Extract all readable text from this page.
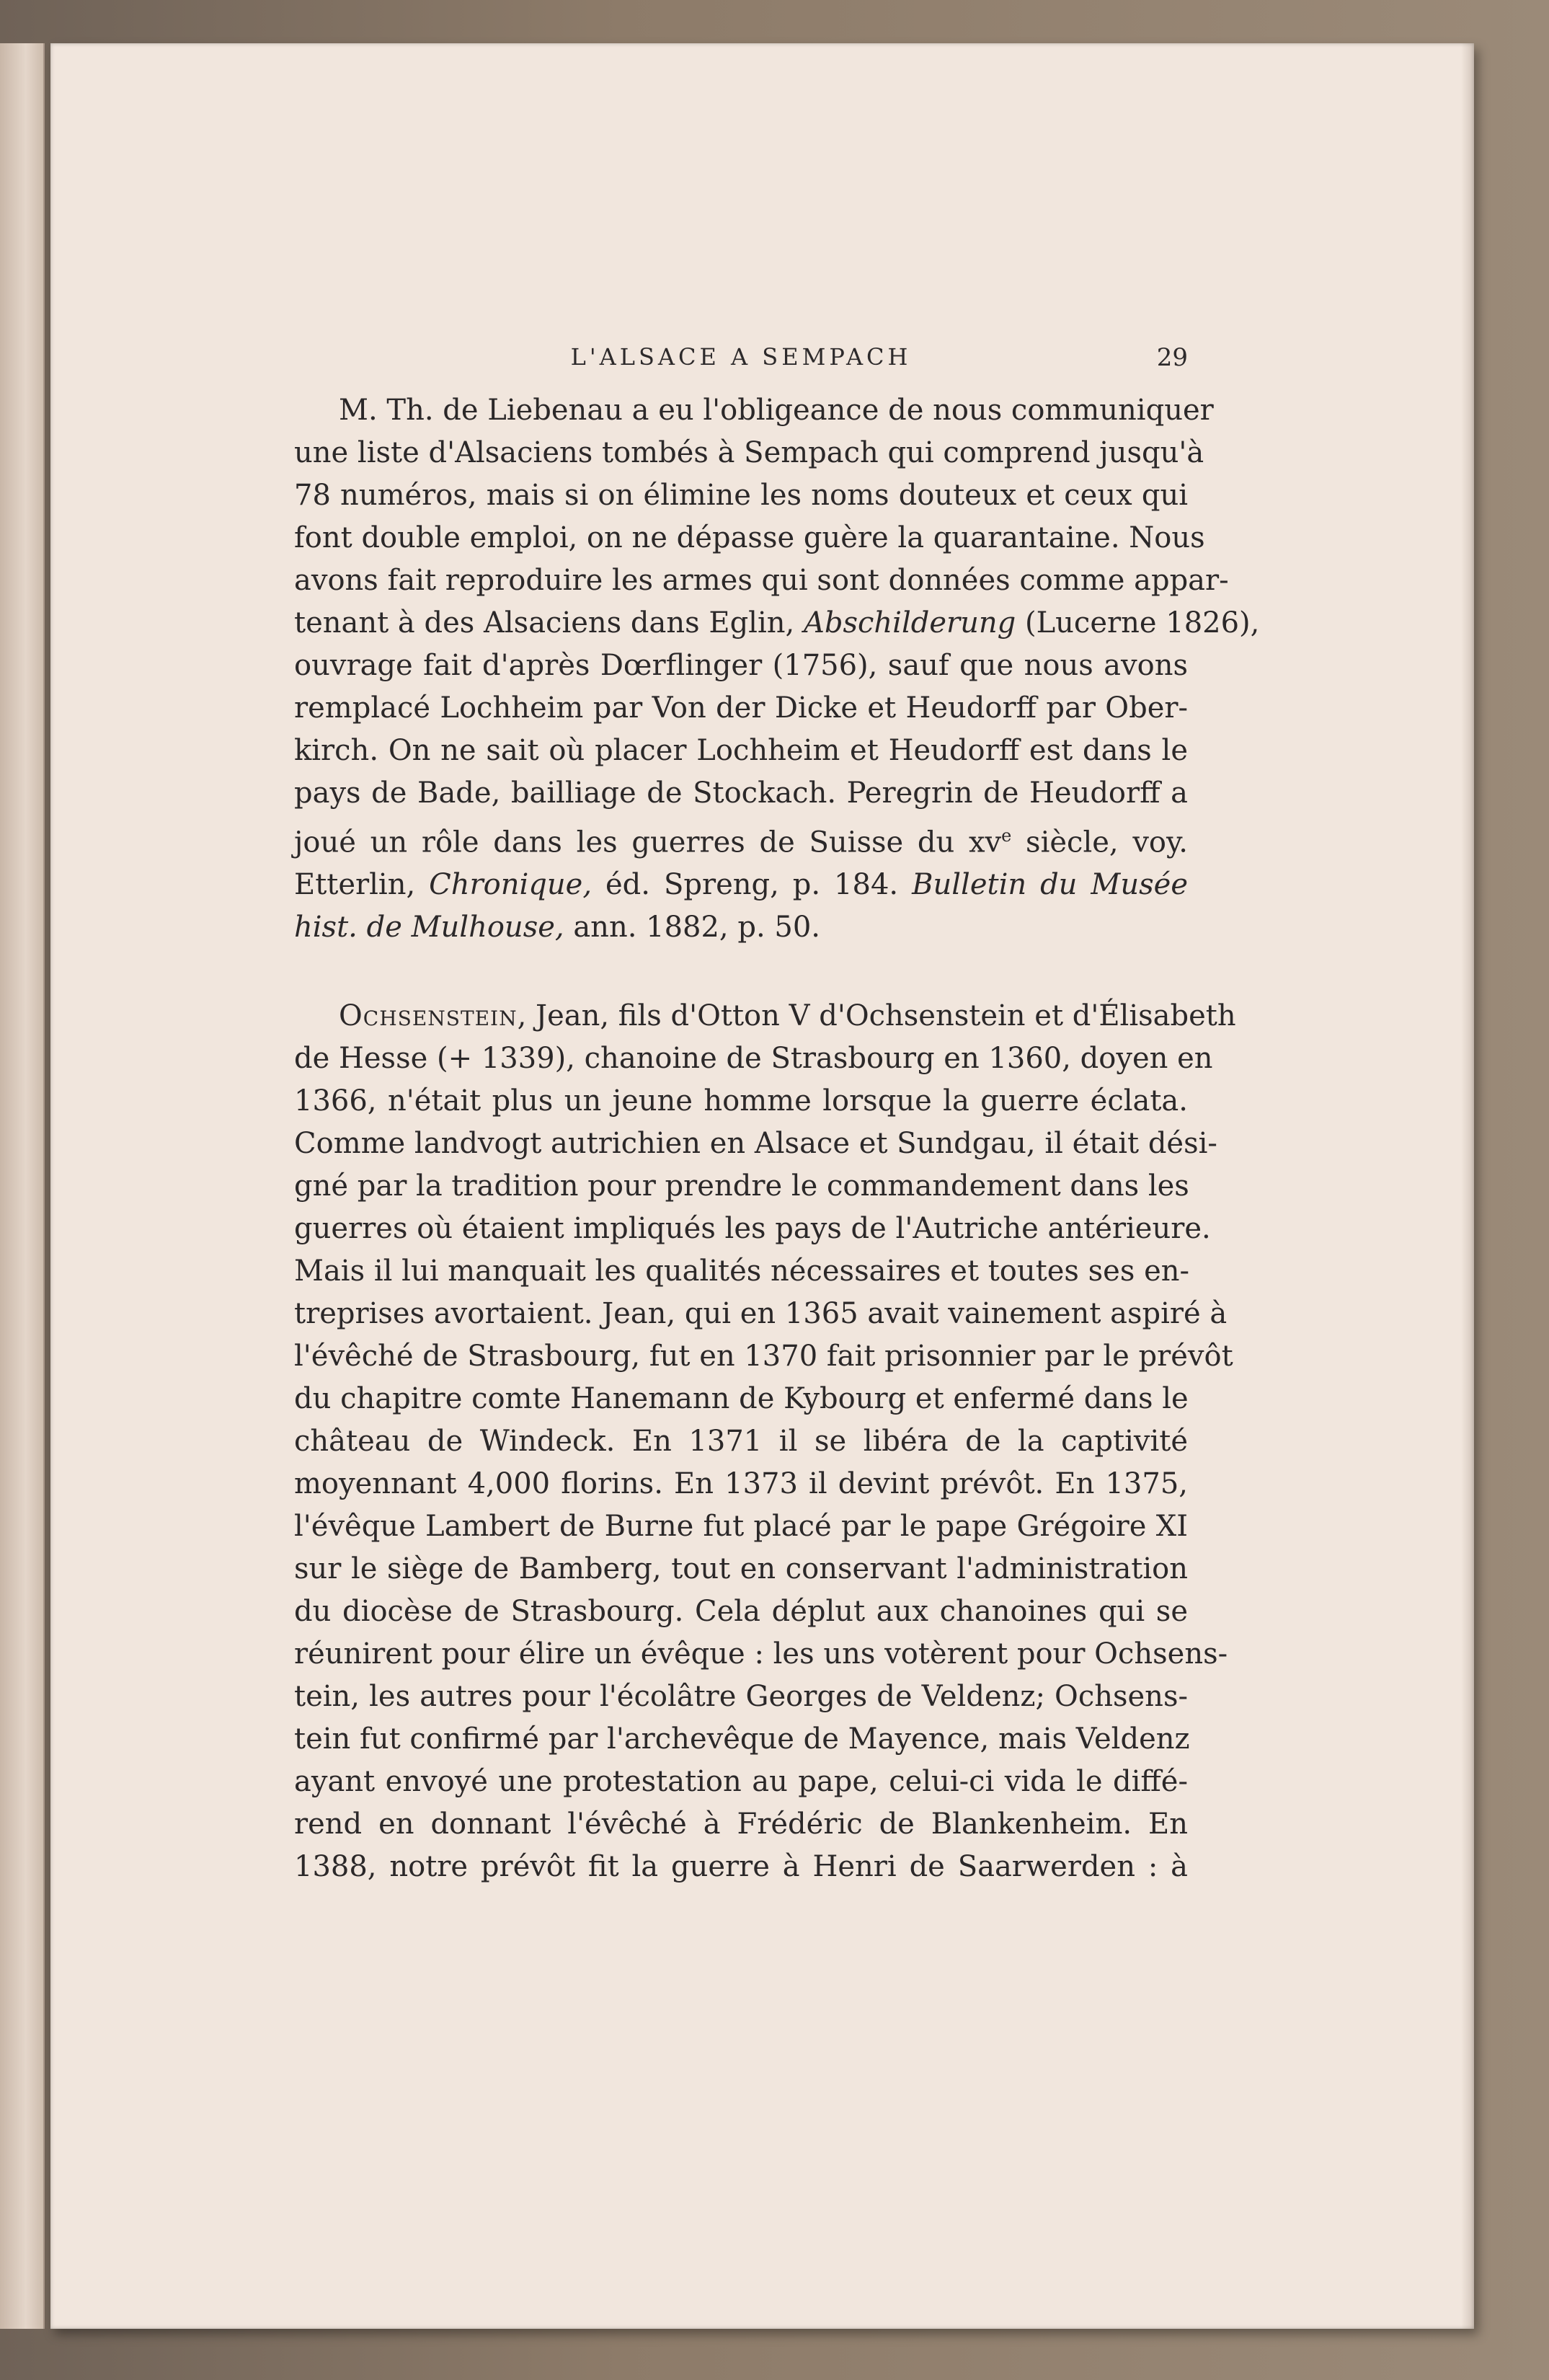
L'ALSACE A SEMPACH	29
M. Th. de Liebenau a eu l'obligeance de nous communiquer
une liste d'Alsaciens tombés à Sempach qui comprend jusqu'à
78 numéros, mais si on élimine les noms douteux et ceux qui
font double emploi, on ne dépasse guère la quarantaine. Nous
avons fait reproduire les armes qui sont données comme appar-
tenant à des Alsaciens dans Eglin, Abschilderung (Lucerne 1826),
ouvrage fait d'après Dœrflinger (1756), sauf que nous avons
remplacé Lochheim par Von der Dicke et Heudorff par Ober-
kirch. On ne sait où placer Lochheim et Heudorff est dans le
pays de Bade, bailliage de Stockach. Peregrin de Heudorff a
joué un rôle dans les guerres de Suisse du $xv^e$ siècle, voy.
Etterlin, Chronique, éd. Spreng, p. 184. Bulletin du Musée
hist. de Mulhouse, ann. 1882, p. 50.
Ochsenstein, Jean, fils d'Otton V d'Ochsenstein et d'Élisabeth
de Hesse (+ 1339), chanoine de Strasbourg en 1360, doyen en
1366, n'était plus un jeune homme lorsque la guerre éclata.
Comme landvogt autrichien en Alsace et Sundgau, il était dési-
gné par la tradition pour prendre le commandement dans les
guerres où étaient impliqués les pays de l'Autriche antérieure.
Mais il lui manquait les qualités nécessaires et toutes ses en-
treprises avortaient. Jean, qui en 1365 avait vainement aspiré à
l'évêché de Strasbourg, fut en 1370 fait prisonnier par le prévôt
du chapitre comte Hanemann de Kybourg et enfermé dans le
château de Windeck. En 1371 il se libéra de la captivité
moyennant 4,000 florins. En 1373 il devint prévôt. En 1375,
l'évêque Lambert de Burne fut placé par le pape Grégoire XI
sur le siège de Bamberg, tout en conservant l'administration
du diocèse de Strasbourg. Cela déplut aux chanoines qui se
réunirent pour élire un évêque : les uns votèrent pour Ochsens-
tein, les autres pour l'écolâtre Georges de Veldenz; Ochsens-
tein fut confirmé par l'archevêque de Mayence, mais Veldenz
ayant envoyé une protestation au pape, celui-ci vida le diffé-
rend en donnant l'évêché à Frédéric de Blankenheim. En
1388, notre prévôt fit la guerre à Henri de Saarwerden : à
